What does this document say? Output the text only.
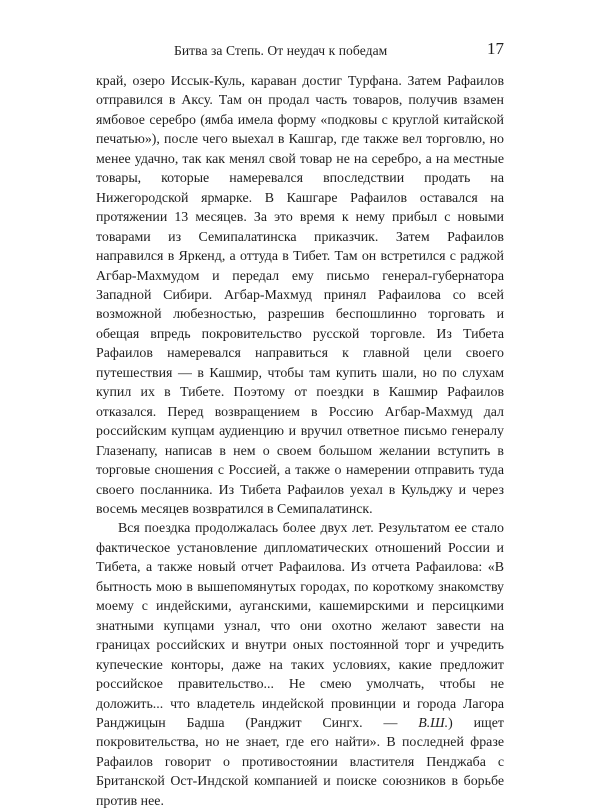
Битва за Степь. От неудач к победам	17

край, озеро Иссык-Куль, караван достиг Турфана. Затем Рафаилов отправился в Аксу. Там он продал часть товаров, получив взамен ямбовое серебро (ямба имела форму «подковы с круглой китайской печатью»), после чего выехал в Кашгар, где также вел торговлю, но менее удачно, так как менял свой товар не на серебро, а на местные товары, которые намеревался впоследствии продать на Нижегородской ярмарке. В Кашгаре Рафаилов оставался на протяжении 13 месяцев. За это время к нему прибыл с новыми товарами из Семипалатинска приказчик. Затем Рафаилов направился в Яркенд, а оттуда в Тибет. Там он встретился с раджой Агбар-Махмудом и передал ему письмо генерал-губернатора Западной Сибири. Агбар-Махмуд принял Рафаилова со всей возможной любезностью, разрешив беспошлинно торговать и обещая впредь покровительство русской торговле. Из Тибета Рафаилов намеревался направиться к главной цели своего путешествия — в Кашмир, чтобы там купить шали, но по слухам купил их в Тибете. Поэтому от поездки в Кашмир Рафаилов отказался. Перед возвращением в Россию Агбар-Махмуд дал российским купцам аудиенцию и вручил ответное письмо генералу Глазенапу, написав в нем о своем большом желании вступить в торговые сношения с Россией, а также о намерении отправить туда своего посланника. Из Тибета Рафаилов уехал в Кульджу и через восемь месяцев возвратился в Семипалатинск.

Вся поездка продолжалась более двух лет. Результатом ее стало фактическое установление дипломатических отношений России и Тибета, а также новый отчет Рафаилова. Из отчета Рафаилова: «В бытность мою в вышепомянутых городах, по короткому знакомству моему с индейскими, ауганскими, кашемирскими и персицкими знатными купцами узнал, что они охотно желают завести на границах российских и внутри оных постоянной торг и учредить купеческие конторы, даже на таких условиях, какие предложит российское правительство... Не смею умолчать, чтобы не доложить... что владетель индейской провинции и города Лагора Ранджицын Бадша (Ранджит Сингх. — В.Ш.) ищет покровительства, но не знает, где его найти». В последней фразе Рафаилов говорит о противостоянии властителя Пенджаба с Британской Ост-Индской компанией и поиске союзников в борьбе против нее.
